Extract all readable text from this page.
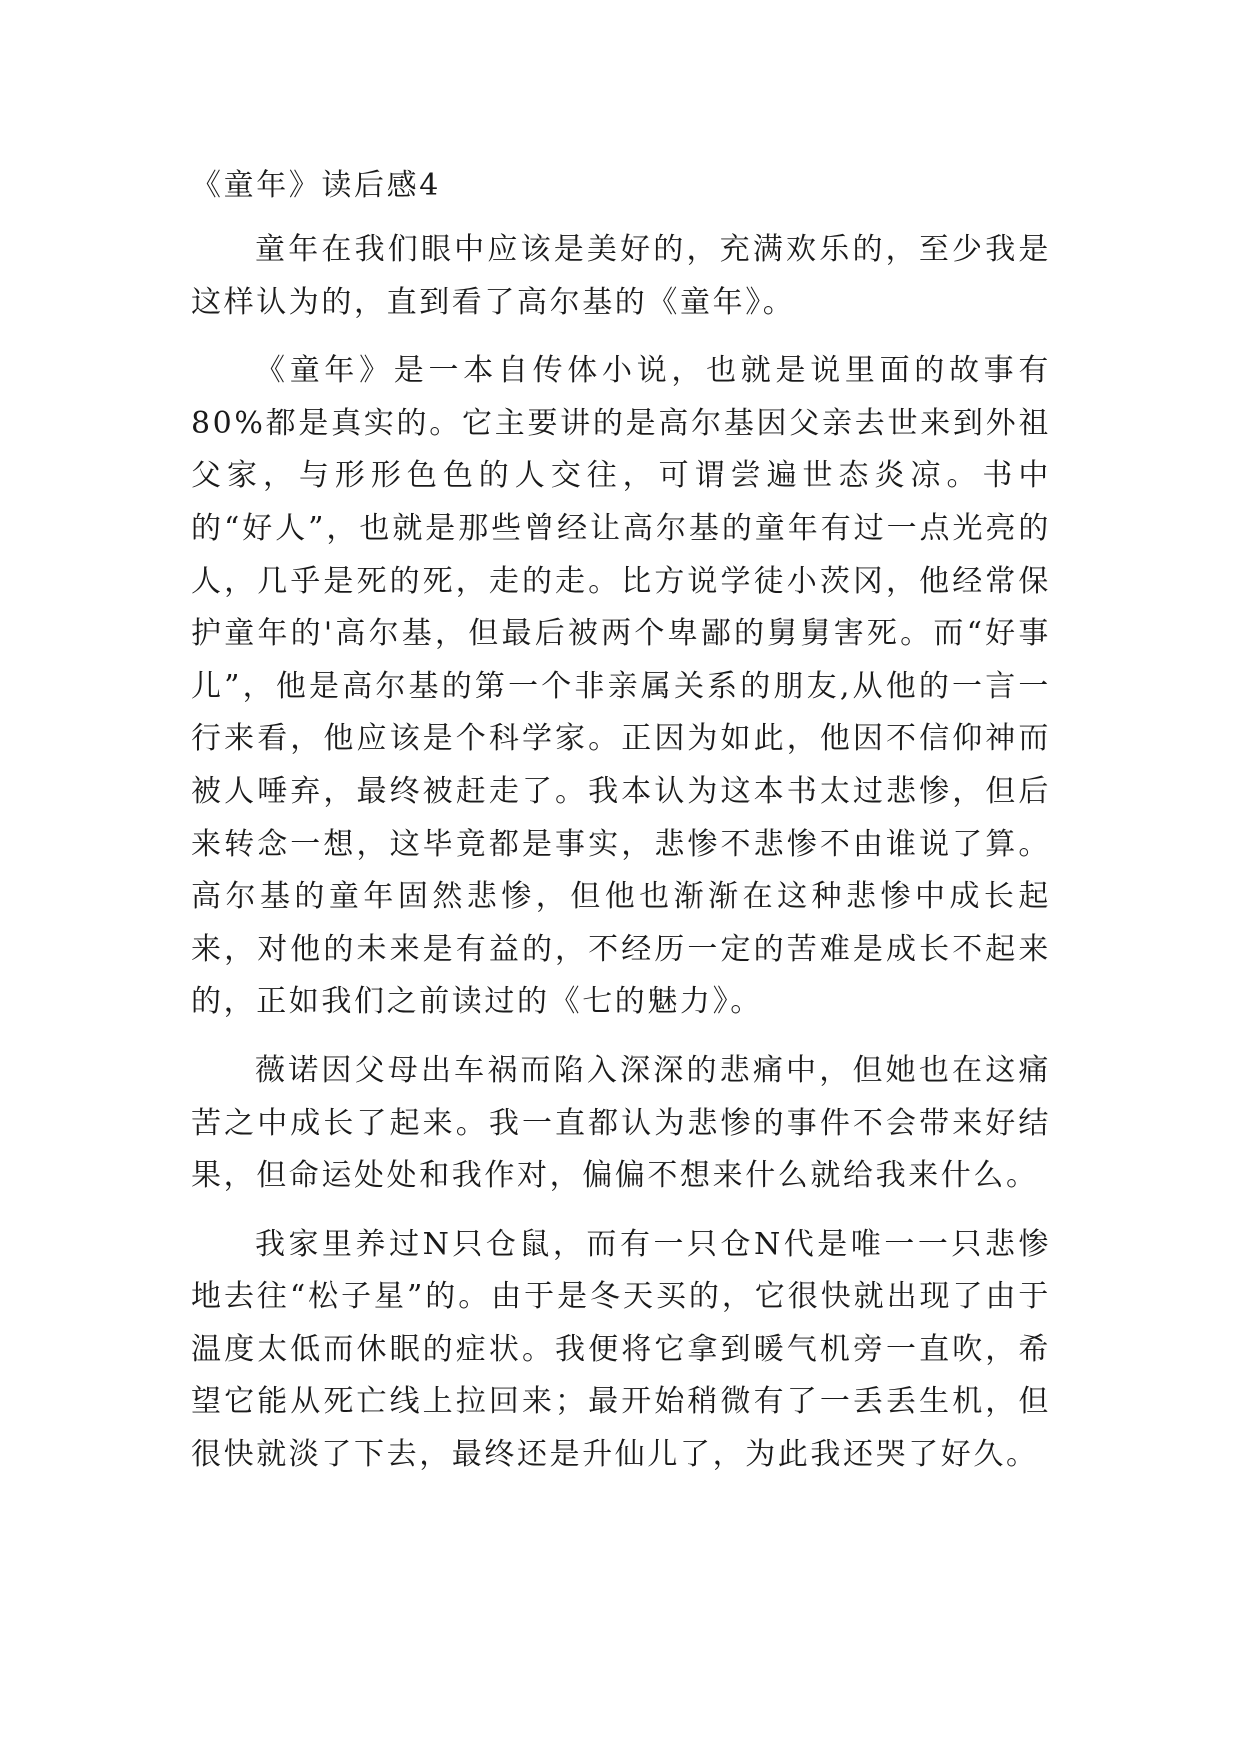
《童年》读后感4

童年在我们眼中应该是美好的，充满欢乐的，至少我是这样认为的，直到看了高尔基的《童年》。

《童年》是一本自传体小说，也就是说里面的故事有80%都是真实的。它主要讲的是高尔基因父亲去世来到外祖父家，与形形色色的人交往，可谓尝遍世态炎凉。书中的“好人”，也就是那些曾经让高尔基的童年有过一点光亮的人，几乎是死的死，走的走。比方说学徒小茨冈，他经常保护童年的'高尔基，但最后被两个卑鄙的舅舅害死。而“好事儿”，他是高尔基的第一个非亲属关系的朋友,从他的一言一行来看，他应该是个科学家。正因为如此，他因不信仰神而被人唾弃，最终被赶走了。我本认为这本书太过悲惨，但后来转念一想，这毕竟都是事实，悲惨不悲惨不由谁说了算。高尔基的童年固然悲惨，但他也渐渐在这种悲惨中成长起来，对他的未来是有益的，不经历一定的苦难是成长不起来的，正如我们之前读过的《七的魅力》。

薇诺因父母出车祸而陷入深深的悲痛中，但她也在这痛苦之中成长了起来。我一直都认为悲惨的事件不会带来好结果，但命运处处和我作对，偏偏不想来什么就给我来什么。

我家里养过N只仓鼠，而有一只仓N代是唯一一只悲惨地去往“松子星”的。由于是冬天买的，它很快就出现了由于温度太低而休眠的症状。我便将它拿到暖气机旁一直吹，希望它能从死亡线上拉回来；最开始稍微有了一丢丢生机，但很快就淡了下去，最终还是升仙儿了，为此我还哭了好久。
